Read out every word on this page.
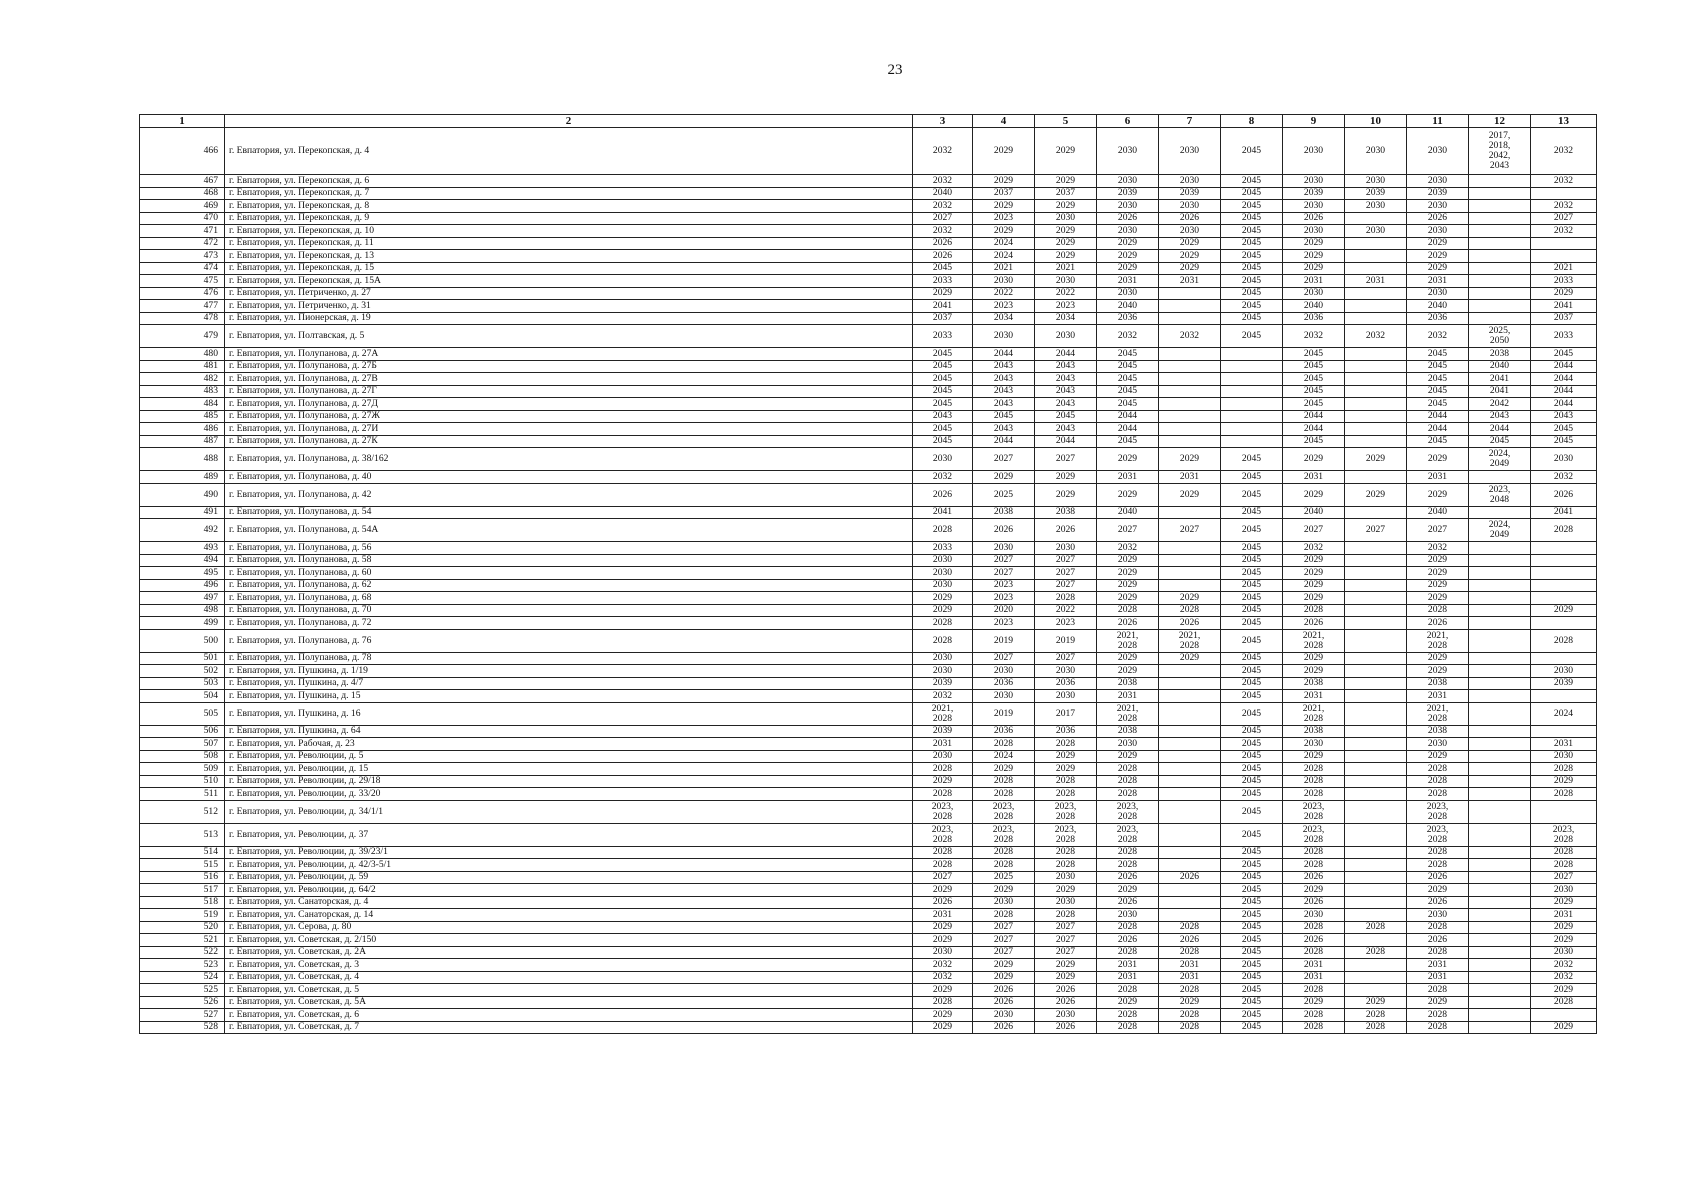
23
1	2	3	4	5	6	7	8	9	10	11	12	13
466	г. Евпатория, ул. Перекопская, д. 4	2032	2029	2029	2030	2030	2045	2030	2030	2030	2017,
2018,
2042,
2043	2032
467	г. Евпатория, ул. Перекопская, д. 6	2032	2029	2029	2030	2030	2045	2030	2030	2030		2032
468	г. Евпатория, ул. Перекопская, д. 7	2040	2037	2037	2039	2039	2045	2039	2039	2039		
469	г. Евпатория, ул. Перекопская, д. 8	2032	2029	2029	2030	2030	2045	2030	2030	2030		2032
470	г. Евпатория, ул. Перекопская, д. 9	2027	2023	2030	2026	2026	2045	2026		2026		2027
471	г. Евпатория, ул. Перекопская, д. 10	2032	2029	2029	2030	2030	2045	2030	2030	2030		2032
472	г. Евпатория, ул. Перекопская, д. 11	2026	2024	2029	2029	2029	2045	2029		2029		
473	г. Евпатория, ул. Перекопская, д. 13	2026	2024	2029	2029	2029	2045	2029		2029		
474	г. Евпатория, ул. Перекопская, д. 15	2045	2021	2021	2029	2029	2045	2029		2029		2021
475	г. Евпатория, ул. Перекопская, д. 15А	2033	2030	2030	2031	2031	2045	2031	2031	2031		2033
476	г. Евпатория, ул. Петриченко, д. 27	2029	2022	2022	2030		2045	2030		2030		2029
477	г. Евпатория, ул. Петриченко, д. 31	2041	2023	2023	2040		2045	2040		2040		2041
478	г. Евпатория, ул. Пионерская, д. 19	2037	2034	2034	2036		2045	2036		2036		2037
479	г. Евпатория, ул. Полтавская, д. 5	2033	2030	2030	2032	2032	2045	2032	2032	2032	2025,
2050	2033
480	г. Евпатория, ул. Полупанова, д. 27А	2045	2044	2044	2045			2045		2045	2038	2045
481	г. Евпатория, ул. Полупанова, д. 27Б	2045	2043	2043	2045			2045		2045	2040	2044
482	г. Евпатория, ул. Полупанова, д. 27В	2045	2043	2043	2045			2045		2045	2041	2044
483	г. Евпатория, ул. Полупанова, д. 27Г	2045	2043	2043	2045			2045		2045	2041	2044
484	г. Евпатория, ул. Полупанова, д. 27Д	2045	2043	2043	2045			2045		2045	2042	2044
485	г. Евпатория, ул. Полупанова, д. 27Ж	2043	2045	2045	2044			2044		2044	2043	2043
486	г. Евпатория, ул. Полупанова, д. 27И	2045	2043	2043	2044			2044		2044	2044	2045
487	г. Евпатория, ул. Полупанова, д. 27К	2045	2044	2044	2045			2045		2045	2045	2045
488	г. Евпатория, ул. Полупанова, д. 38/162	2030	2027	2027	2029	2029	2045	2029	2029	2029	2024,
2049	2030
489	г. Евпатория, ул. Полупанова, д. 40	2032	2029	2029	2031	2031	2045	2031		2031		2032
490	г. Евпатория, ул. Полупанова, д. 42	2026	2025	2029	2029	2029	2045	2029	2029	2029	2023,
2048	2026
491	г. Евпатория, ул. Полупанова, д. 54	2041	2038	2038	2040		2045	2040		2040		2041
492	г. Евпатория, ул. Полупанова, д. 54А	2028	2026	2026	2027	2027	2045	2027	2027	2027	2024,
2049	2028
493	г. Евпатория, ул. Полупанова, д. 56	2033	2030	2030	2032		2045	2032		2032		
494	г. Евпатория, ул. Полупанова, д. 58	2030	2027	2027	2029		2045	2029		2029		
495	г. Евпатория, ул. Полупанова, д. 60	2030	2027	2027	2029		2045	2029		2029		
496	г. Евпатория, ул. Полупанова, д. 62	2030	2023	2027	2029		2045	2029		2029		
497	г. Евпатория, ул. Полупанова, д. 68	2029	2023	2028	2029	2029	2045	2029		2029		
498	г. Евпатория, ул. Полупанова, д. 70	2029	2020	2022	2028	2028	2045	2028		2028		2029
499	г. Евпатория, ул. Полупанова, д. 72	2028	2023	2023	2026	2026	2045	2026		2026		
500	г. Евпатория, ул. Полупанова, д. 76	2028	2019	2019	2021,
2028	2021,
2028	2045	2021,
2028		2021,
2028		2028
501	г. Евпатория, ул. Полупанова, д. 78	2030	2027	2027	2029	2029	2045	2029		2029		
502	г. Евпатория, ул. Пушкина, д. 1/19	2030	2030	2030	2029		2045	2029		2029		2030
503	г. Евпатория, ул. Пушкина, д. 4/7	2039	2036	2036	2038		2045	2038		2038		2039
504	г. Евпатория, ул. Пушкина, д. 15	2032	2030	2030	2031		2045	2031		2031		
505	г. Евпатория, ул. Пушкина, д. 16	2021,
2028	2019	2017	2021,
2028		2045	2021,
2028		2021,
2028		2024
506	г. Евпатория, ул. Пушкина, д. 64	2039	2036	2036	2038		2045	2038		2038		
507	г. Евпатория, ул. Рабочая, д. 23	2031	2028	2028	2030		2045	2030		2030		2031
508	г. Евпатория, ул. Революции, д. 5	2030	2024	2029	2029		2045	2029		2029		2030
509	г. Евпатория, ул. Революции, д. 15	2028	2029	2029	2028		2045	2028		2028		2028
510	г. Евпатория, ул. Революции, д. 29/18	2029	2028	2028	2028		2045	2028		2028		2029
511	г. Евпатория, ул. Революции, д. 33/20	2028	2028	2028	2028		2045	2028		2028		2028
512	г. Евпатория, ул. Революции, д. 34/1/1	2023,
2028	2023,
2028	2023,
2028	2023,
2028		2045	2023,
2028		2023,
2028		
513	г. Евпатория, ул. Революции, д. 37	2023,
2028	2023,
2028	2023,
2028	2023,
2028		2045	2023,
2028		2023,
2028		2023,
2028
514	г. Евпатория, ул. Революции, д. 39/23/1	2028	2028	2028	2028		2045	2028		2028		2028
515	г. Евпатория, ул. Революции, д. 42/3-5/1	2028	2028	2028	2028		2045	2028		2028		2028
516	г. Евпатория, ул. Революции, д. 59	2027	2025	2030	2026	2026	2045	2026		2026		2027
517	г. Евпатория, ул. Революции, д. 64/2	2029	2029	2029	2029		2045	2029		2029		2030
518	г. Евпатория, ул. Санаторская, д. 4	2026	2030	2030	2026		2045	2026		2026		2029
519	г. Евпатория, ул. Санаторская, д. 14	2031	2028	2028	2030		2045	2030		2030		2031
520	г. Евпатория, ул. Серова, д. 80	2029	2027	2027	2028	2028	2045	2028	2028	2028		2029
521	г. Евпатория, ул. Советская, д. 2/150	2029	2027	2027	2026	2026	2045	2026		2026		2029
522	г. Евпатория, ул. Советская, д. 2А	2030	2027	2027	2028	2028	2045	2028	2028	2028		2030
523	г. Евпатория, ул. Советская, д. 3	2032	2029	2029	2031	2031	2045	2031		2031		2032
524	г. Евпатория, ул. Советская, д. 4	2032	2029	2029	2031	2031	2045	2031		2031		2032
525	г. Евпатория, ул. Советская, д. 5	2029	2026	2026	2028	2028	2045	2028		2028		2029
526	г. Евпатория, ул. Советская, д. 5А	2028	2026	2026	2029	2029	2045	2029	2029	2029		2028
527	г. Евпатория, ул. Советская, д. 6	2029	2030	2030	2028	2028	2045	2028	2028	2028		
528	г. Евпатория, ул. Советская, д. 7	2029	2026	2026	2028	2028	2045	2028	2028	2028		2029
